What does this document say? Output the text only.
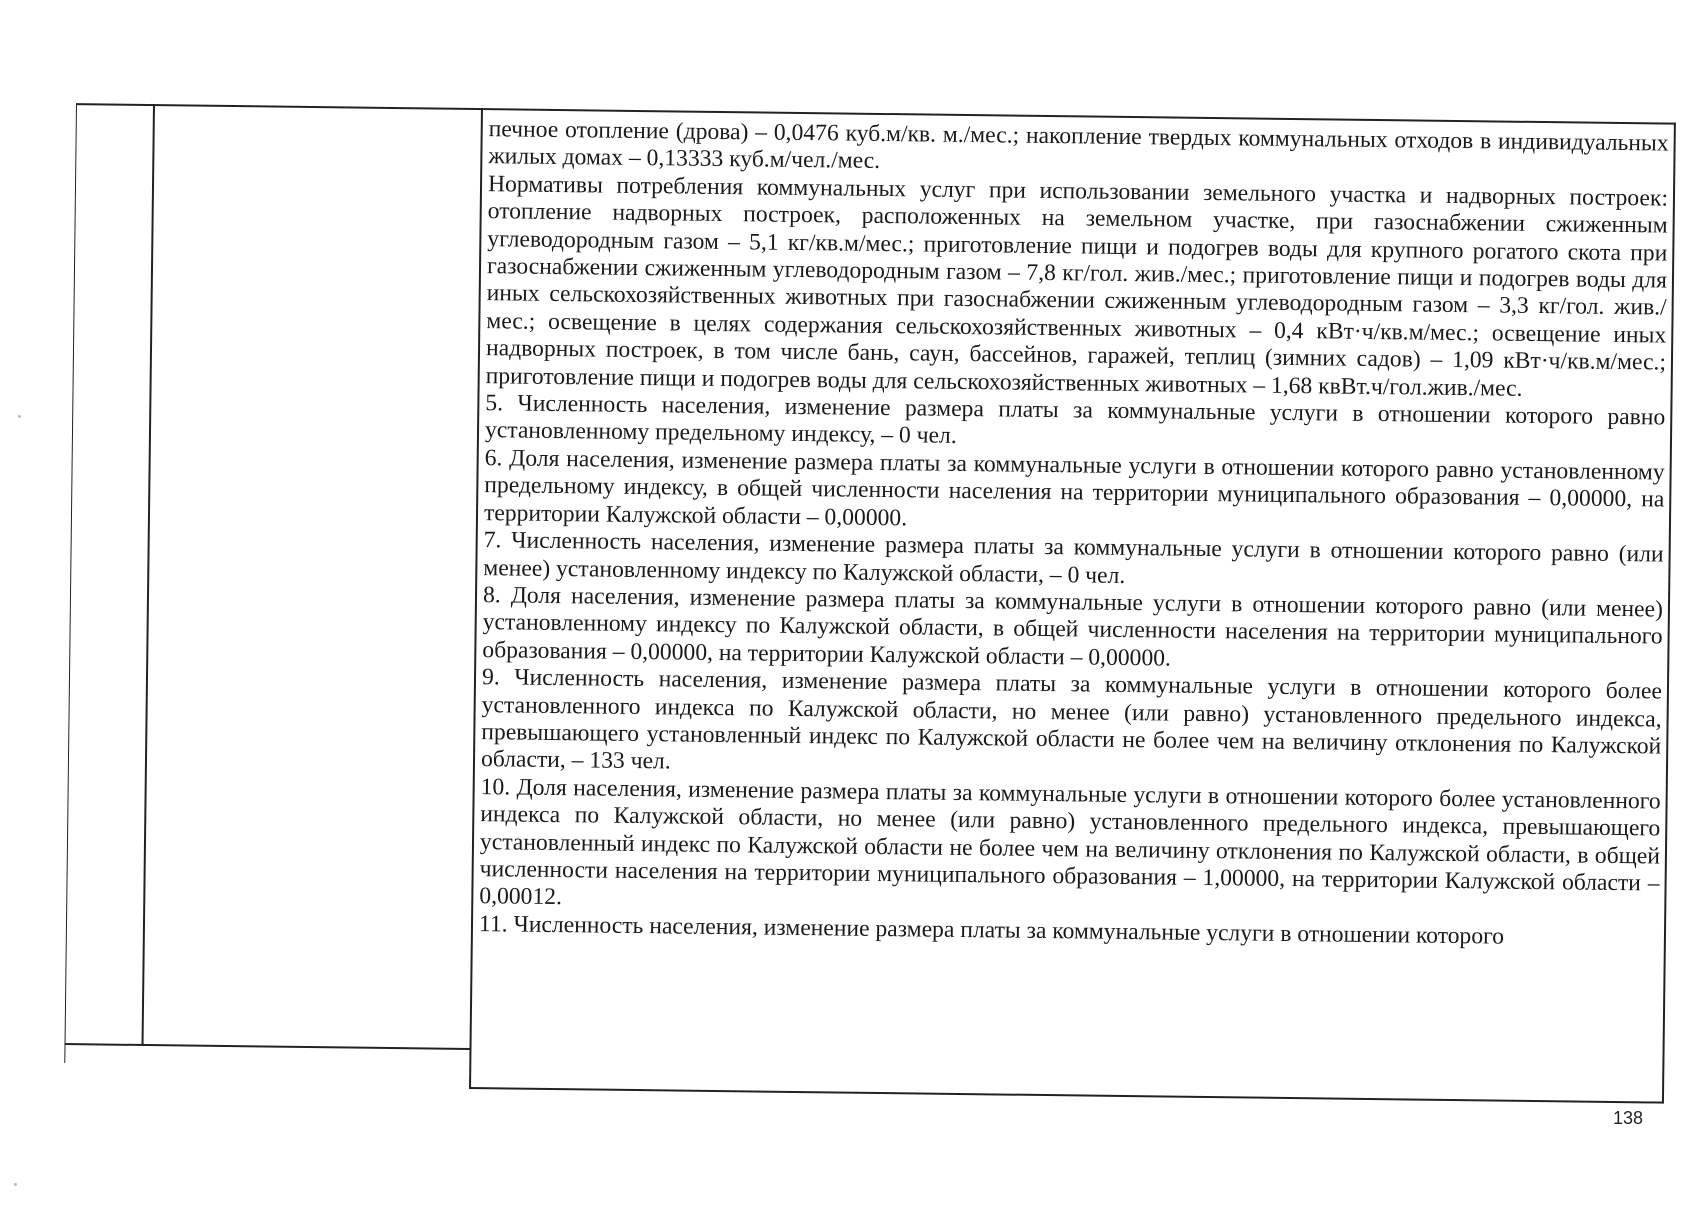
печное отопление (дрова) – 0,0476 куб.м/кв. м./мес.; накопление твердых коммунальных отходов в индивидуальных жилых домах – 0,13333 куб.м/чел./мес.

Нормативы потребления коммунальных услуг при использовании земельного участка и надворных построек: отопление надворных построек, расположенных на земельном участке, при газоснабжении сжиженным углеводородным газом – 5,1 кг/кв.м/мес.; приготовление пищи и подогрев воды для крупного рогатого скота при газоснабжении сжиженным углеводородным газом – 7,8 кг/гол. жив./мес.; приготовление пищи и подогрев воды для иных сельскохозяйственных животных при газоснабжении сжиженным углеводородным газом – 3,3 кг/гол. жив./мес.; освещение в целях содержания сельскохозяйственных животных – 0,4 кВт·ч/кв.м/мес.; освещение иных надворных построек, в том числе бань, саун, бассейнов, гаражей, теплиц (зимних садов) – 1,09 кВт·ч/кв.м/мес.; приготовление пищи и подогрев воды для сельскохозяйственных животных – 1,68 квВт.ч/гол.жив./мес.

5. Численность населения, изменение размера платы за коммунальные услуги в отношении которого равно установленному предельному индексу, – 0 чел.

6. Доля населения, изменение размера платы за коммунальные услуги в отношении которого равно установленному предельному индексу, в общей численности населения на территории муниципального образования – 0,00000, на территории Калужской области – 0,00000.

7. Численность населения, изменение размера платы за коммунальные услуги в отношении которого равно (или менее) установленному индексу по Калужской области, – 0 чел.

8. Доля населения, изменение размера платы за коммунальные услуги в отношении которого равно (или менее) установленному индексу по Калужской области, в общей численности населения на территории муниципального образования – 0,00000, на территории Калужской области – 0,00000.

9. Численность населения, изменение размера платы за коммунальные услуги в отношении которого более установленного индекса по Калужской области, но менее (или равно) установленного предельного индекса, превышающего установленный индекс по Калужской области не более чем на величину отклонения по Калужской области, – 133 чел.

10. Доля населения, изменение размера платы за коммунальные услуги в отношении которого более установленного индекса по Калужской области, но менее (или равно) установленного предельного индекса, превышающего установленный индекс по Калужской области не более чем на величину отклонения по Калужской области, в общей численности населения на территории муниципального образования – 1,00000, на территории Калужской области – 0,00012.

11. Численность населения, изменение размера платы за коммунальные услуги в отношении которого

138
